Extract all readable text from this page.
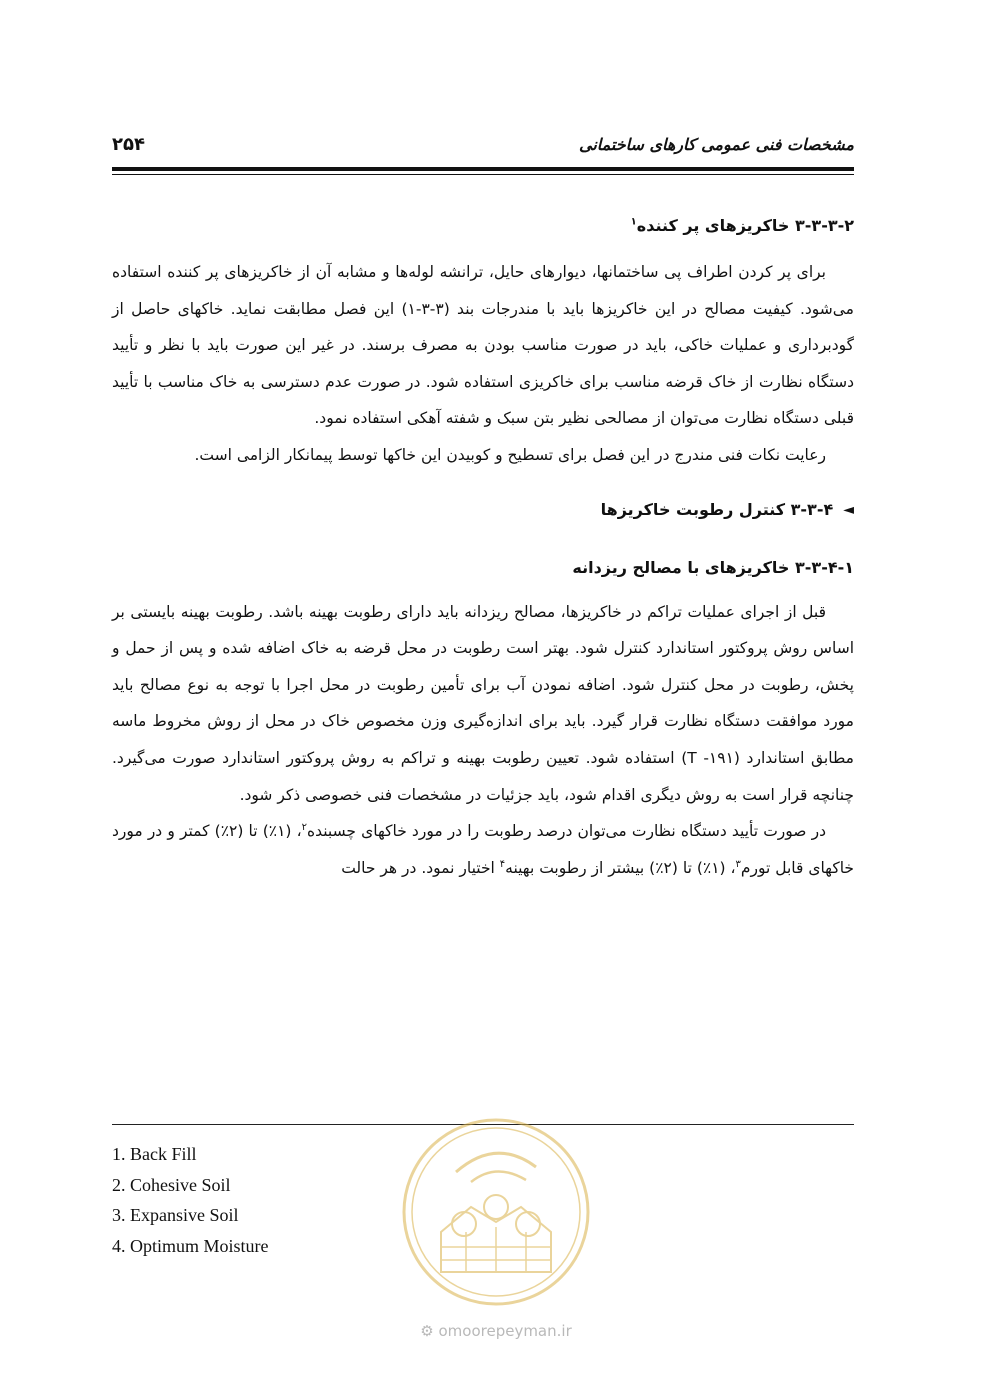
مشخصات فنی عمومی کارهای ساختمانی
۲۵۴
۳-۳-۳-۲ خاکریزهای پر کننده$^۱$

برای پر کردن اطراف پی ساختمانها، دیوارهای حایل، ترانشه لوله‌ها و مشابه آن از خاکریزهای پر کننده استفاده می‌شود. کیفیت مصالح در این خاکریزها باید با مندرجات بند (۳-۳-۱) این فصل مطابقت نماید. خاکهای حاصل از گودبرداری و عملیات خاکی، باید در صورت مناسب بودن به مصرف برسند. در غیر این صورت باید با نظر و تأیید دستگاه نظارت از خاک قرضه مناسب برای خاکریزی استفاده شود. در صورت عدم دسترسی به خاک مناسب با تأیید قبلی دستگاه نظارت می‌توان از مصالحی نظیر بتن سبک و شفته آهکی استفاده نمود.

رعایت نکات فنی مندرج در این فصل برای تسطیح و کوبیدن این خاکها توسط پیمانکار الزامی است.

◄
۳-۳-۴ کنترل رطوبت خاکریزها
۳-۳-۴-۱ خاکریزهای با مصالح ریزدانه

قبل از اجرای عملیات تراکم در خاکریزها، مصالح ریزدانه باید دارای رطوبت بهینه باشد. رطوبت بهینه بایستی بر اساس روش پروکتور استاندارد کنترل شود. بهتر است رطوبت در محل قرضه به خاک اضافه شده و پس از حمل و پخش، رطوبت در محل کنترل شود. اضافه نمودن آب برای تأمین رطوبت در محل اجرا با توجه به نوع مصالح باید مورد موافقت دستگاه نظارت قرار گیرد. باید برای اندازه‌گیری وزن مخصوص خاک در محل از روش مخروط ماسه مطابق استاندارد (۱۹۱- T) استفاده شود. تعیین رطوبت بهینه و تراکم به روش پروکتور استاندارد صورت می‌گیرد. چنانچه قرار است به روش دیگری اقدام شود، باید جزئیات در مشخصات فنی خصوصی ذکر شود.

در صورت تأیید دستگاه نظارت می‌توان درصد رطوبت را در مورد خاکهای چسبنده$^۲$، (۱٪) تا (۲٪) کمتر و در مورد خاکهای قابل تورم$^۳$، (۱٪) تا (۲٪) بیشتر از رطوبت بهینه$^۴$ اختیار نمود. در هر حالت

⚙ omoorepeyman.ir
1. Back Fill
2. Cohesive Soil
3. Expansive Soil
4. Optimum Moisture
